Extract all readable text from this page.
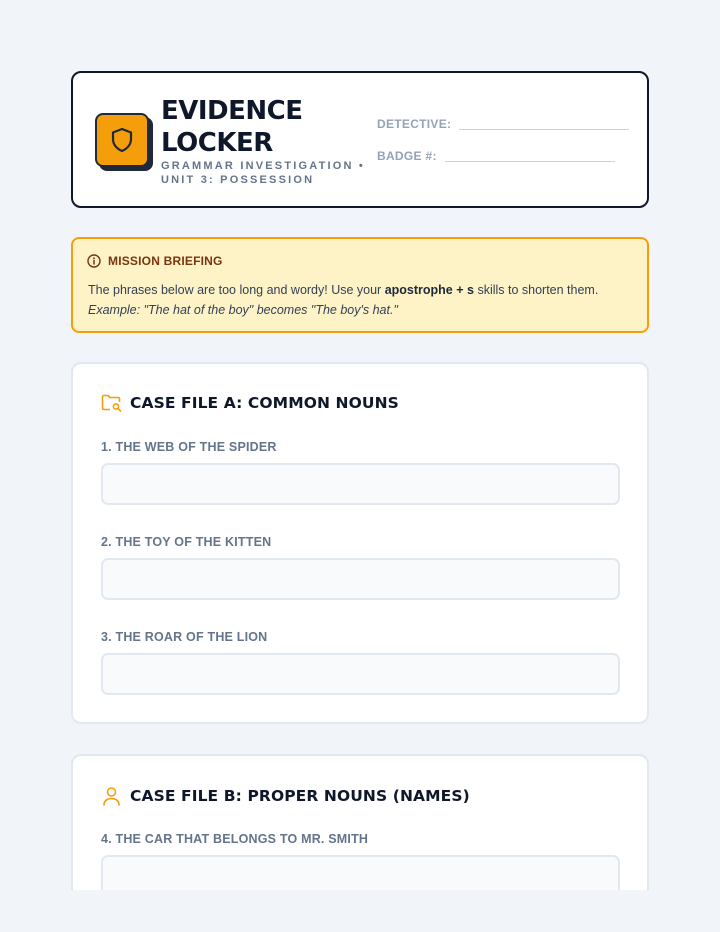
EVIDENCE LOCKER
GRAMMAR INVESTIGATION • UNIT 3: POSSESSION
DETECTIVE:
BADGE #:
MISSION BRIEFING
The phrases below are too long and wordy! Use your apostrophe + s skills to shorten them.
Example: "The hat of the boy" becomes "The boy's hat."
CASE FILE A: COMMON NOUNS
1. THE WEB OF THE SPIDER
2. THE TOY OF THE KITTEN
3. THE ROAR OF THE LION
CASE FILE B: PROPER NOUNS (NAMES)
4. THE CAR THAT BELONGS TO MR. SMITH
